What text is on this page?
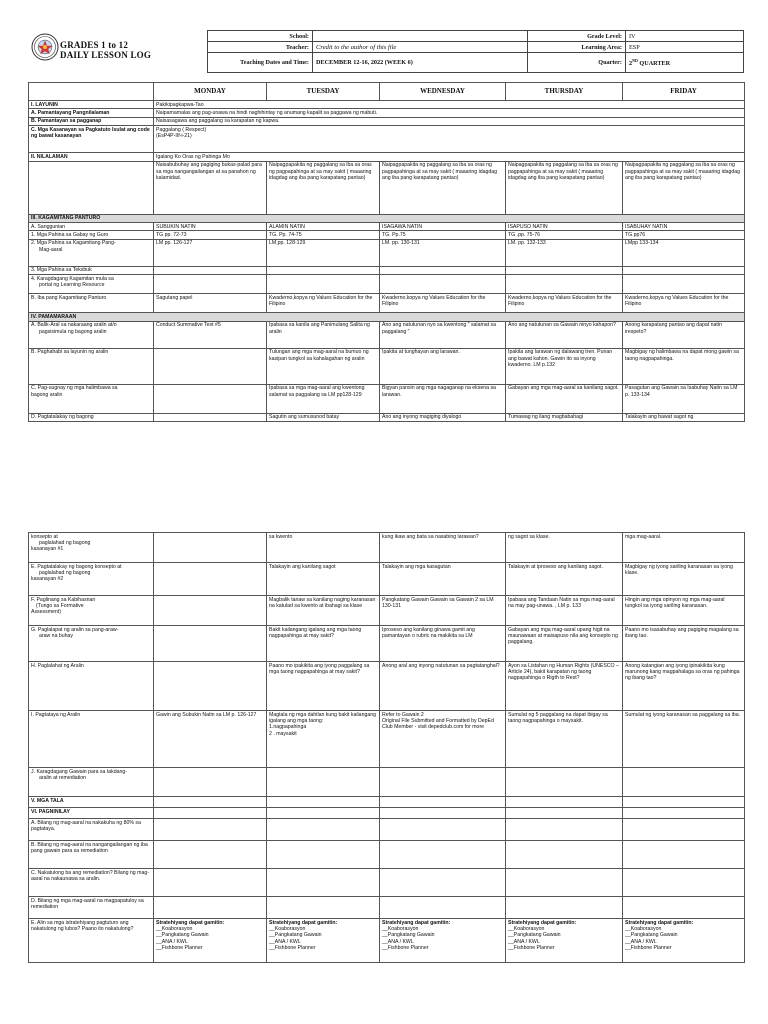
GRADES 1 to 12
DAILY LESSON LOG
School:		Grade Level:	IV
Teacher:	Credit to the author of this file	Learning Area:	ESP
Teaching Dates and Time:	DECEMBER 12-16, 2022 (WEEK 6)	Quarter:	2ND QUARTER
	MONDAY	TUESDAY	WEDNESDAY	THURSDAY	FRIDAY
I. LAYUNIN	Pakikipagkapwa-Tao				
A. Pamantayang Pangnilalaman	Naipamamalas ang pag-unawa na hindi naghihintay ng anumang kapalit sa paggawa ng mabuti.				
B. Pamantayan sa pagganap	Naisasagawa ang paggalang sa karapatan ng kapwa.				
C. Mga Kasanayan sa Pagkatuto Isulat ang code ng bawat kasanayan	Paggalang ( Respect)
(EsP4P-IIf-i-21)				

II. NILALAMAN	Igalang Ko Oras ng Pahinga Mo				
	Naisabubuhay ang pagiging bukas-palad para sa mga nangangailangan at sa panahon ng kalamidad.	Naipagpapakita ng paggalang sa iba sa oras ng pagpapahinga at sa may sakit ( maaaring idagdag ang iba pang karapatang pantao)	Naipagpapakita ng paggalang sa iba sa oras ng pagpapahinga at sa may sakit ( maaaring idagdag ang iba pang karapatang pantao)	Naipagpapakita ng paggalang sa iba sa oras ng pagpapahinga at sa may sakit ( maaaring idagdag ang iba pang karapatang pantao)	Naipagpapakita ng paggalang sa iba sa oras ng pagpapahinga at sa may sakit ( maaaring idagdag ang iba pang karapatang pantao)
III. KAGAMITANG PANTURO					
A. Sanggunian	SUBUKIN NATIN	ALAMIN NATIN	ISAGAWA NATIN	ISAPUSO NATIN	ISABUHAY NATIN
1. Mga Pahina sa Gabay ng Guro	TG pp. 72-73	TG. Pp. 74-75	TG. Pp.75	TG .pp. 75-76	TG pp76

2. Mga Pahina sa Kagamitang Pang-
Mag-aaral	LM pp. 126-127	LM,pp. 128-129	LM. pp. 130-131	LM. pp. 132-133	LMpp 133-134
3. Mga Pahina sa Teksbuk					

4. Karagdagang Kagamitan mula sa
portal ng Learning Resource					

B. Iba pang Kagamitang Panturo	Sagutang papel	Kwaderno,kopya ng Values Education for the Filipino	Kwaderno,kopya ng Values Education for the Filipino	Kwaderno,kopya ng Values Education for the Filipino	Kwaderno,kopya ng Values Education for the Filipino
IV. PAMAMARAAN					

A. Balik-Aral sa nakaraang aralin at/o
pagsisimula ng bagong aralin	Conduct Summative Test #5	Ipabasa sa kanila ang Panimulang Salita ng aralin	Ano ang natutunan nyo sa kwentong " salamat sa paggalang "	Ano ang natutunan sa Gawain ninyo kahapon?	Anong karapatang pantao ang dapat natin irespeto?
B. Paghahabi sa layunin ng aralin		Tulungan ang mga mag-aaral na bumuo ng kasipan tungkol sa kahalagahan ng aralin	Ipakita at tunghayan ang larawan.	Ipakita ang larawan ng dalawang tren. Punan ang bawat kahon. Gawin ito sa inyong kwaderno. LM p.132	Magbigay ng halimbawa na dapat mong gawin sa taong nagpapahinga.

C. Pag-uugnay ng mga halimbawa sa
bagong aralin		Ipabasa sa mga mag-aaral ang kwentong salamat sa paggalang sa LM pp128-129	Bigyan pansin ang mga nagaganap na eksena sa larawan.	Gabayan ang mga mag-aaral sa kanilang sagot.	Pasagutan ang Gawain sa Isabuhay Natin sa LM p. 133-134
D. Pagtatalakay ng bagong		Sagutin ang sumusunod batay	Ano ang inyong magiging diyalogo	Tumawag ng ilang magbabahagi	Talakayin ang bawat sagot ng
konsepto at
paglalahad ng bagong
kasanayan #1		sa kwento	kung ikaw ang bata sa nasabing larawan?	ng sagot sa klase.	mga mag-aaral.

E. Pagtatalakay ng bagong konsepto at
paglalahad ng bagong
kasanayan #2		Talakayin ang kanilang sagot	Talakayin ang mga kasagutan	Talakayin at iproseso ang kanilang sagot.	Magbigay ng iyong sariling karanasan sa iyong klase.

F. Paglinang sa Kabihasnan
(Tungo sa Formative
Assessment)		Magbalik tanaw sa kanilang naging karanasan na katulad sa kwento at ibahagi sa klase	Pangkatang Gawain Gawain sa Gawain 2 sa LM 130-131	Ipabasa ang Tandaan Natin sa mga mag-aaral na may pag-unawa. , LM p. 133	Hingin ang mga opinyon ng mga mag-aaral tungkol sa iyong sariling karanasan.

G. Paglalapat ng aralin sa pang-araw-
araw na buhay		Bakit kailangang igalang ang mga taong nagpapahinga at may sakit?	Iproseso ang kanilang ginawa gamit ang pamantayan o rubric na makikita sa LM	Gabayan ang mga mag-aaral upang higit na maunawaan at maisapuso nila ang konsepto ng paggalang.	Paano mo isasabuhay ang pagiging magalang sa ibang tao.
H. Paglalahat ng Aralin		Paano mo ipakikita ang iyong paggalang sa mga taong nagpapahinga at may sakit?	Anong aral ang inyong natutunan sa pagtatanghal?	Ayon sa Listahan ng Human Rights (UNESCO – Article 24), bakit karapatan ng taong nagpapahinga o Rigth to Rest?	Anong katangian ang iyong ipinakikita kung marunong kang magpahalaga sa oras ng pahinga ng ibang tao?
I. Pagtataya ng Aralin	Gawin ang Subukin Natin sa LM p. 126-127	Magtala ng mga dahilan kung bakit kailangang igalang ang mga taong:
1.nagpapahinga
2 . maysakit	Refer to Gawain 2
Original File Submitted and Formatted by DepEd Club Member - visit depedclub.com for more	Sumulat ng 5 paggalang na dapat ibigay sa taong nagpapahinga o maysakit.	Sumulat ng iyong karanasan sa paggalang sa iba.

J. Karagdagang Gawain para sa takdang-
aralin at remediation					

V. MGA TALA					
VI. PAGNINILAY					
A. Bilang ng mag-aaral na nakakuha ng 80% sa pagtataya.					
B. Bilang ng mag-aaral na nangangailangan ng iba pang gawain para sa remediation					
C. Nakatulong ba ang remediation? Bilang ng mag-aaral na nakaunawa sa aralin.					
D. Bilang ng mga mag-aaral na magpapatuloy sa remediation					
E. Alin sa mga istratehiyang pagtuturo ang nakatulong ng lubos? Paano ito nakatulong?	Stratehiyang dapat gamitin:
__Koaborasyon
__Pangkatang Gawain
__ANA / KWL
__Fishbone Planner	Stratehiyang dapat gamitin:
__Koaborasyon
__Pangkatang Gawain
__ANA / KWL
__Fishbone Planner	Stratehiyang dapat gamitin:
__Koaborasyon
__Pangkatang Gawain
__ANA / KWL
__Fishbone Planner	Stratehiyang dapat gamitin:
__Koaborasyon
__Pangkatang Gawain
__ANA / KWL
__Fishbone Planner	Stratehiyang dapat gamitin:
__Koaborasyon
__Pangkatang Gawain
__ANA / KWL
__Fishbone Planner
